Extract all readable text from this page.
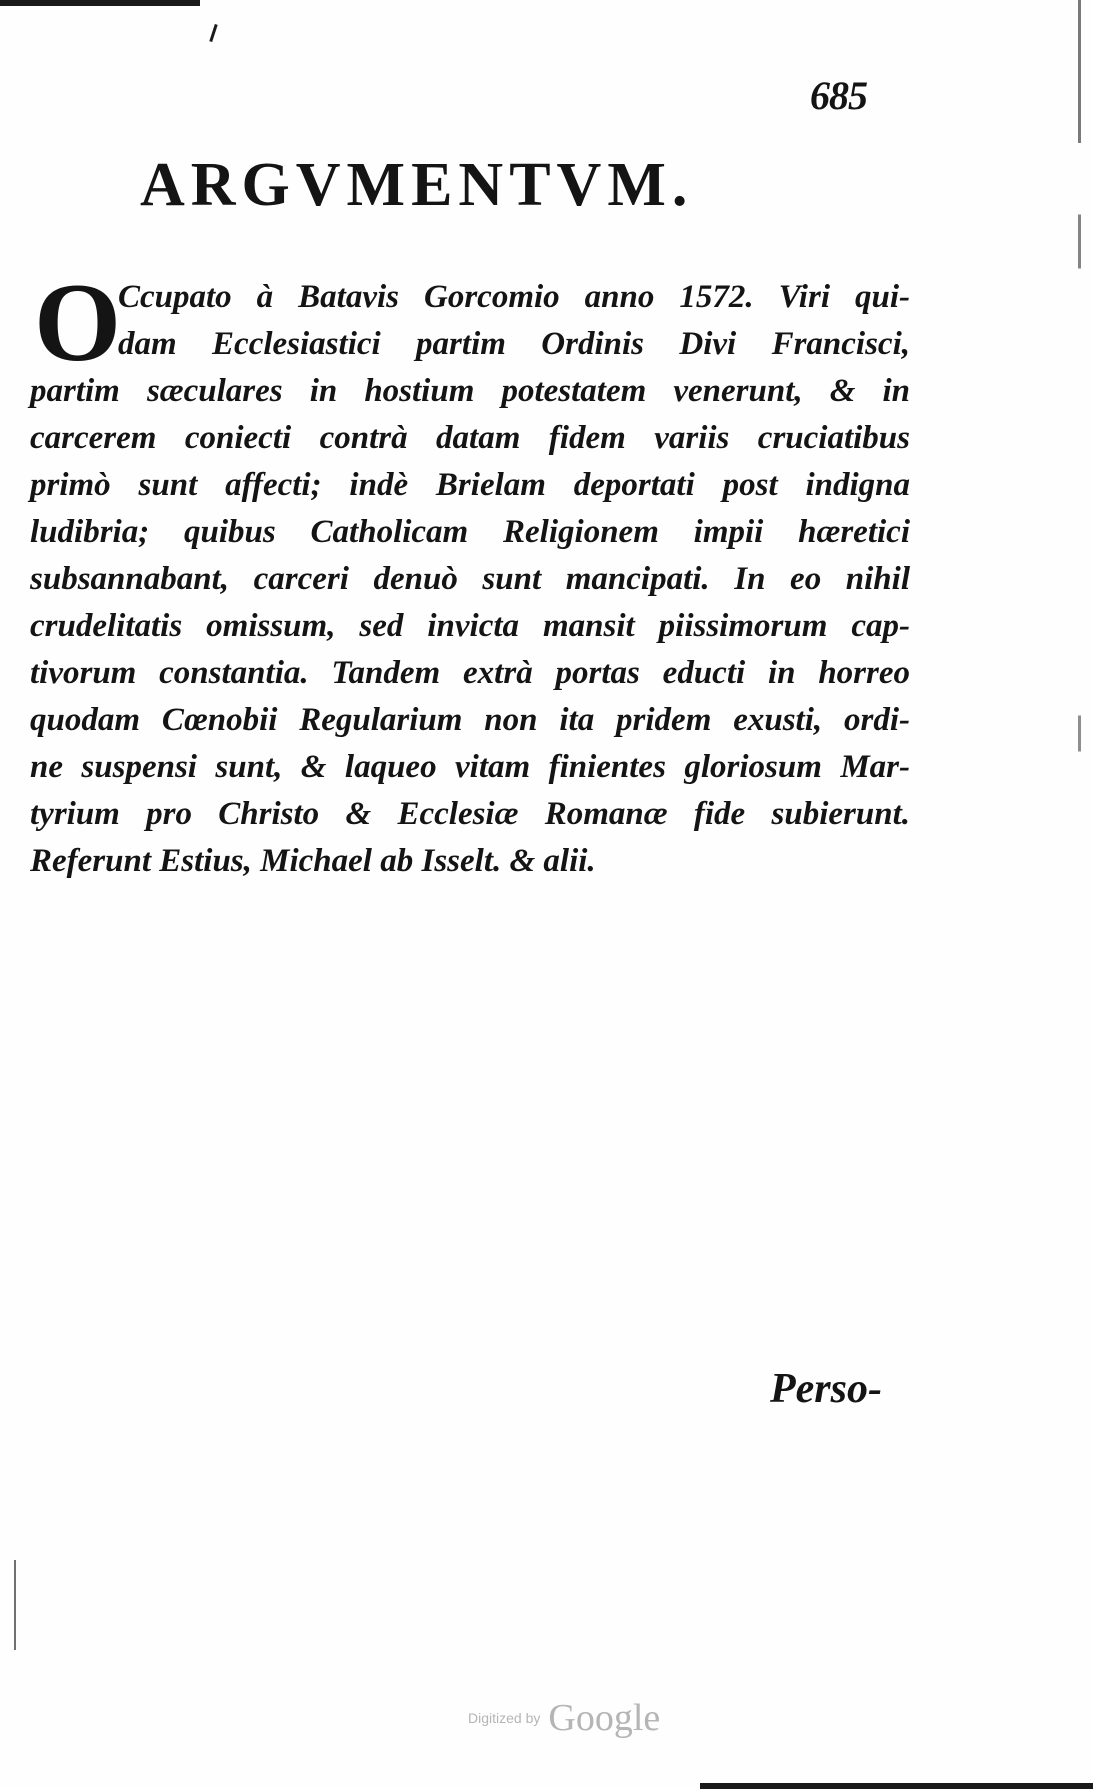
685
ARGVMENTVM.
O
Ccupato à Batavis Gorcomio anno 1572. Viri qui-
dam Ecclesiastici partim Ordinis Divi Francisci,
partim sæculares in hostium potestatem venerunt, & in
carcerem coniecti contrà datam fidem variis cruciatibus
primò sunt affecti; indè Brielam deportati post indigna
ludibria; quibus Catholicam Religionem impii hæretici
subsannabant, carceri denuò sunt mancipati. In eo nihil
crudelitatis omissum, sed invicta mansit piissimorum cap-
tivorum constantia. Tandem extrà portas educti in horreo
quodam Cœnobii Regularium non ita pridem exusti, ordi-
ne suspensi sunt, & laqueo vitam finientes gloriosum Mar-
tyrium pro Christo & Ecclesiæ Romanæ fide subierunt.
Referunt Estius, Michael ab Isselt. & alii.
Perso-
Digitized by Google
